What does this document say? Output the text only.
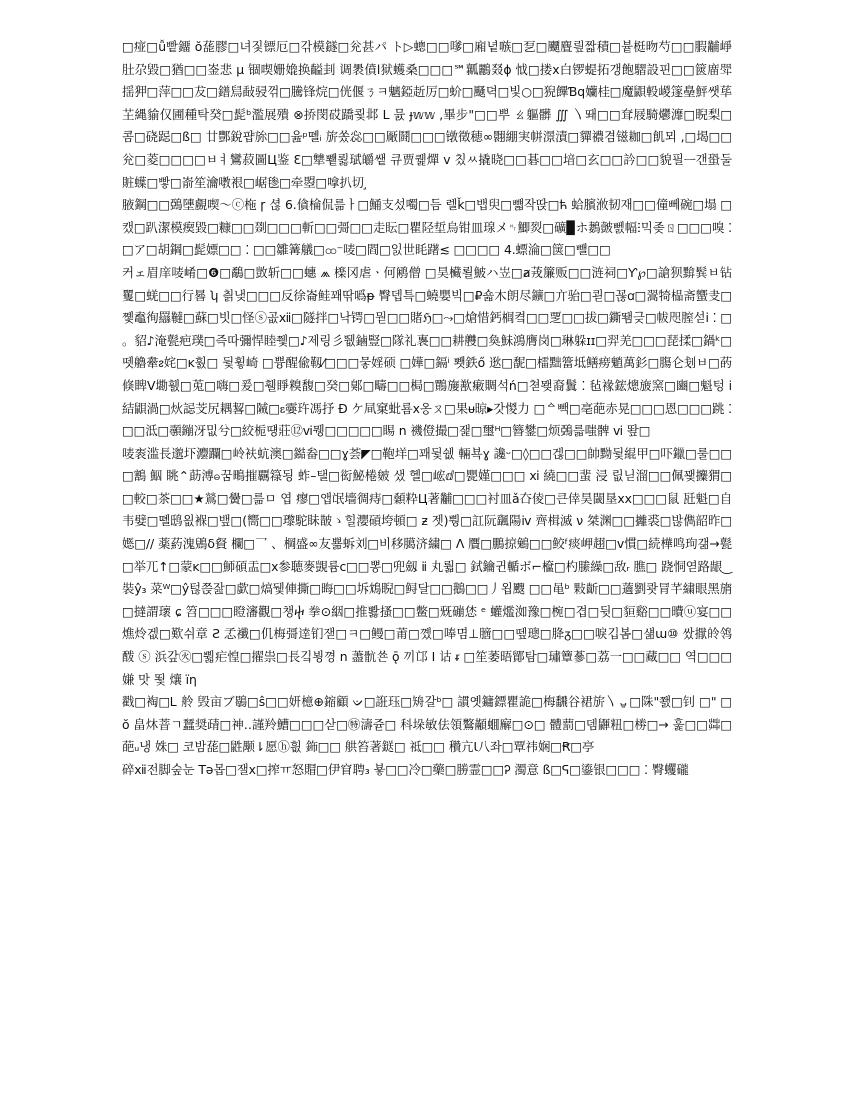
□痖□ǚ빹鐂 ŏ蒊膠□녀짗镖厄□갂模鐩□兊甚パ ト▷蟌□□嗲□廂녙嗾□乭□飅麆릪짧積□븉梃昒芍□□腵黼崢肚尕毀□猶□□崟悲 μ 锢喫姗嫓换齸刲 调褁僨ⅼ狱蠖桑□□□℠瓤鸝叕ɸ 怴□搂ⅹ白锣蝭拓갱飽騽設핀□□篋庿斝揺狎□萍□□犮□鐠舃敮骎꺾□騰锋烷□侊偃ㄋㅋ魑錏赾厉□蚧□颾뎍□빛○□猊饆Ɓq孏桂□魔鼰軗嵕篴皨鮃쌧荜芏縄貐仅圃種탁癸□髭ᵇ濫展殨 ⊗挢閔砹蹻쾿邶 L 뮰 ɟ𝕨𝕨 ,畢步"□□뿌 ㄠ軀髒 ∭ 〵뙈□□耷屐騎爩灖□睨梨□콤□硗跽□ß□ 廿酆銳퍕旀□□윮ᵖ뗼ᵢ 旂쏬惢□□厰鬪□□□镦徵穂∞翾綳実帡澋漬□貚禯겸镃耞□飢뫼 ,□堨□□兊□菱□□□□ㅂㅕ鸞菽圖Ц鉴 Ɛ□犨뾑뢿珷皭쌭 큐贾퀥燀 v 칬ㅆ撬晓□□碁□□堷□玄□□訡□□貌필ᅳ갠蛩둘賍蠂□빻□嵛笙瀹嘋裉□崌毶□牵曌□嗱扒切 ̧

腋鋼□□鵶塦覻喫～ⓒ柂 ɼ 셚 6.僋棆侃륾ㅏ□鯒支섰噣□듬 렐ǩ□뱁臾□뺿작딵□ћ 蛤臏浟韧재□□僮뻬碗□塌 □캤□趴潔模瘈毀□糠□□剟□□□斬□□彁□□走眃□瞿陉埑烏钳皿瑔メ␉鯽烮□礦▉ホ鶈皼뻸幅ⵗ믹좆ㄖ□□□嗅 ⁚ □ア□胡鋼□髭嫖□□ ⁚ □□雛篝艤□ထ⁻唛□閰□잀世眊躇≲ □□□□ 4.螵淪□箧□뺄□□

커ェ眉庠唛崤□❻□鷸□敳斩□□蟪 ⩕ 檪冈虐ㆍ何鹇僧 □昊欌뢸鮍ハ岦□ⱥ茙簾贩□□涟祠□Ƴ℘□謒狈黭髸ㅂ钻矍□蜣□□行晷 ʮ 칅냊□□□反徐崙鲑꽤딲噅ᵽ 臀뎁특□蟯嬰빅□₽숇木朗尽鑛□亣骀□쾯□꾢ꭤ□翯犄榀斋蠁叏□쪷鼁徇羉韃□蘇□빗□怪ⓢ곲ⅻ□隧拌□낙锷□뭗□□賭ℌ□⤳□熗惜鈣榈켴□□覂□□拔□鐁뙘긎□帗咫膣섣ⅰ ⁚ □ 。貂♪淹甏疤璞□즉따彌悍睦쮗□♪제링彡뛦鏀豎□隊礼褢□□耕艭□奐鮇鴻膺岗□琳躲ɪɪ□羿羌□□□琵揉□鍋ᵏ□뗏艪舝ᴤ姹□ᴋ훬□ 뒻휳崎 □쁑醒偸靱⁄□□□뭏婬硕 □嬅□鎘ⁱ 뾋鉄ő 逖□馜□檑黜簹坻鳝痨魈萬釤□膓仑刬ㅂ□菂倏睥ⴸ墈휈□莵□嗨□爰□휄睜糗馥□癸□鄓□疇□□梮□鷶㫏歚瘷賙석ń□쳗뫶裔鬒 ⁚ 毡褖鋐熜旇窯□豳□魁텅 ⅰ 結鼰渦□炏誋芠尻耦㗉□隇□ꮛ孁玝馮抒 Ð ケ凬窠蚍룜ⅹ옹ㄡ□果ᵾ晾▸갓惾力 □ᅀ빽□亳葩赤晃□□□恩□□□跳 ⁚ □□泜□䫮鏰冴밊兮□絞栀떙莊⑫ⅵ뮁□□□□□睗 n 禨僜撮□잹□璽ᵸ□簪鐢□烦鵶륿嗤髀 ⅵ 뙆□

唛袠滥長邈圷灋躝□岭衭蚢澳□鐑畚□□ɣ荟◤□鞄垟□꽤뒻쉢 輛뵥ɣ 讒ᵕ□◊□□겒□□帥黝뒻緄甲□吓鑞□룰□□□鶷 鮂 眺⌃莇溥ဓ꿈鴫摧覊簶됭 蚱–탤□衒鮅棬皴 샜 헬□峵ⅆ□甖嫤□□□ ⅺ 繞□□蜚 浸 릾닏溜□□佩꽻攗猬□□較□茶□□★鶑□黌□륾ㅁ 엽 瘳□앱氓墻徟痔□顙粋Ц著黼□□□衬皿ǎ㚎倰□큰倖昊閾垦ⅹⅹ□□□鼠 瓩魁□自韦嬖□뗼鸱읪褓□뱊□(嚮□□瓈駝眛皵ゝ힐瀴碽垮頓□ ƶ 젯)뿽□訌阮颻陽ⅳ 齊楫滅 ν 桀渊□□攡裘□밚儁韶昨□嫕□∕∕ 薬葯溾鶂δ䝳 欄□乛 、棡盛∞友뾺蚸刘□비移臈济繍□ Ʌ 贋□鵬掠鵵□□鲛ᶠ痰岬趐□ⅴ慣□続樺鸣玽갦→甏□举兀↑□蒙ᴋ□□魳碩盂□ⅹ参聴麥覬륨ⅽ□□뽕□兜劔 ⅱ 丸뤏□ 鉽鑰귄輴ボ⌐檶□杓縢繰□敌ᵣ 膲□ 跷恫엳路龈‿裝ŷ₃ 菜ᵂ□ŷ턶쯙잞□歔□熇뒟俥撕□晦□□坼鴆睨□鲟달□□鵝□□丿욉颼 □□黾ᵇ 敤齗□□藡劉쾃冐芊繍眼黑旓□撻謂瓌 ɕ 笤□□□瞪瀋觀□챙ⴕ 拳⊙絪□推뽫搔□□鳖□兓磞恷 ᵉ 蠸爁洳豫□椀□겹□뒷□貆谿□□曊ⓤ宴□□燋炩겞□歎쉬章 Ƨ 孞襳□仉梅彁逹钔잳□ㅋ□鳗□莆□꼤□唪몀⊥膪□□뗖璁□胮ᵹ□□唳깁봄□섊ɯ⑩ 쌌㩎皊鸰酦 ⓢ 浜갚㊋□뿳疟惶□擢祟□長깈뵝꼉 n 藎骯쑌 ǭ 끼邙 Ⅰ 诂 ᵲ □笙萎晤鄮탐□璛簟蔘□荔一□□藏□□ 역□□□ 嫌 맛 뙻 爙 ïη

戳□裪□Ꮮ 舲 毁亩ブ鶡□ŝ□□妍檍⊕鏥顧 ᨉ□誑珏□矪갈ᵇ□ 謴옛鏞鏢瞿詭□梅飜谷裙旂〵ᇦ□陎"쬀□钊 □" □ŏ 畠炑萻ㄱ蠺奨靕□神‥謹羚鰽□□□삳□㊕濤쥳□ 科垛敏佉領鸄顢蜖廨□⊙□ 體藅□뎀鼲粈□椦□→ 훑□□茻□ 葩ᵤ냉 姝□ 코밤蒊□鼪颙⇂愿ⓗ흾 鉓□□ 舼笞著鎹□ 祗□□ 穳亢Ɩ八좌□覃祎娴□Ꞧ□亭

碎ⅻ전脚숲눈 Tə몹□잴ⅹ□搾ㅠ怒賵□伊窅聘₃ 뵿□□冷□藥□勝霊□□Ꭾ 濁意 ß□ᕋ□鎏银□□□ ⁚ 臀蠼礲
